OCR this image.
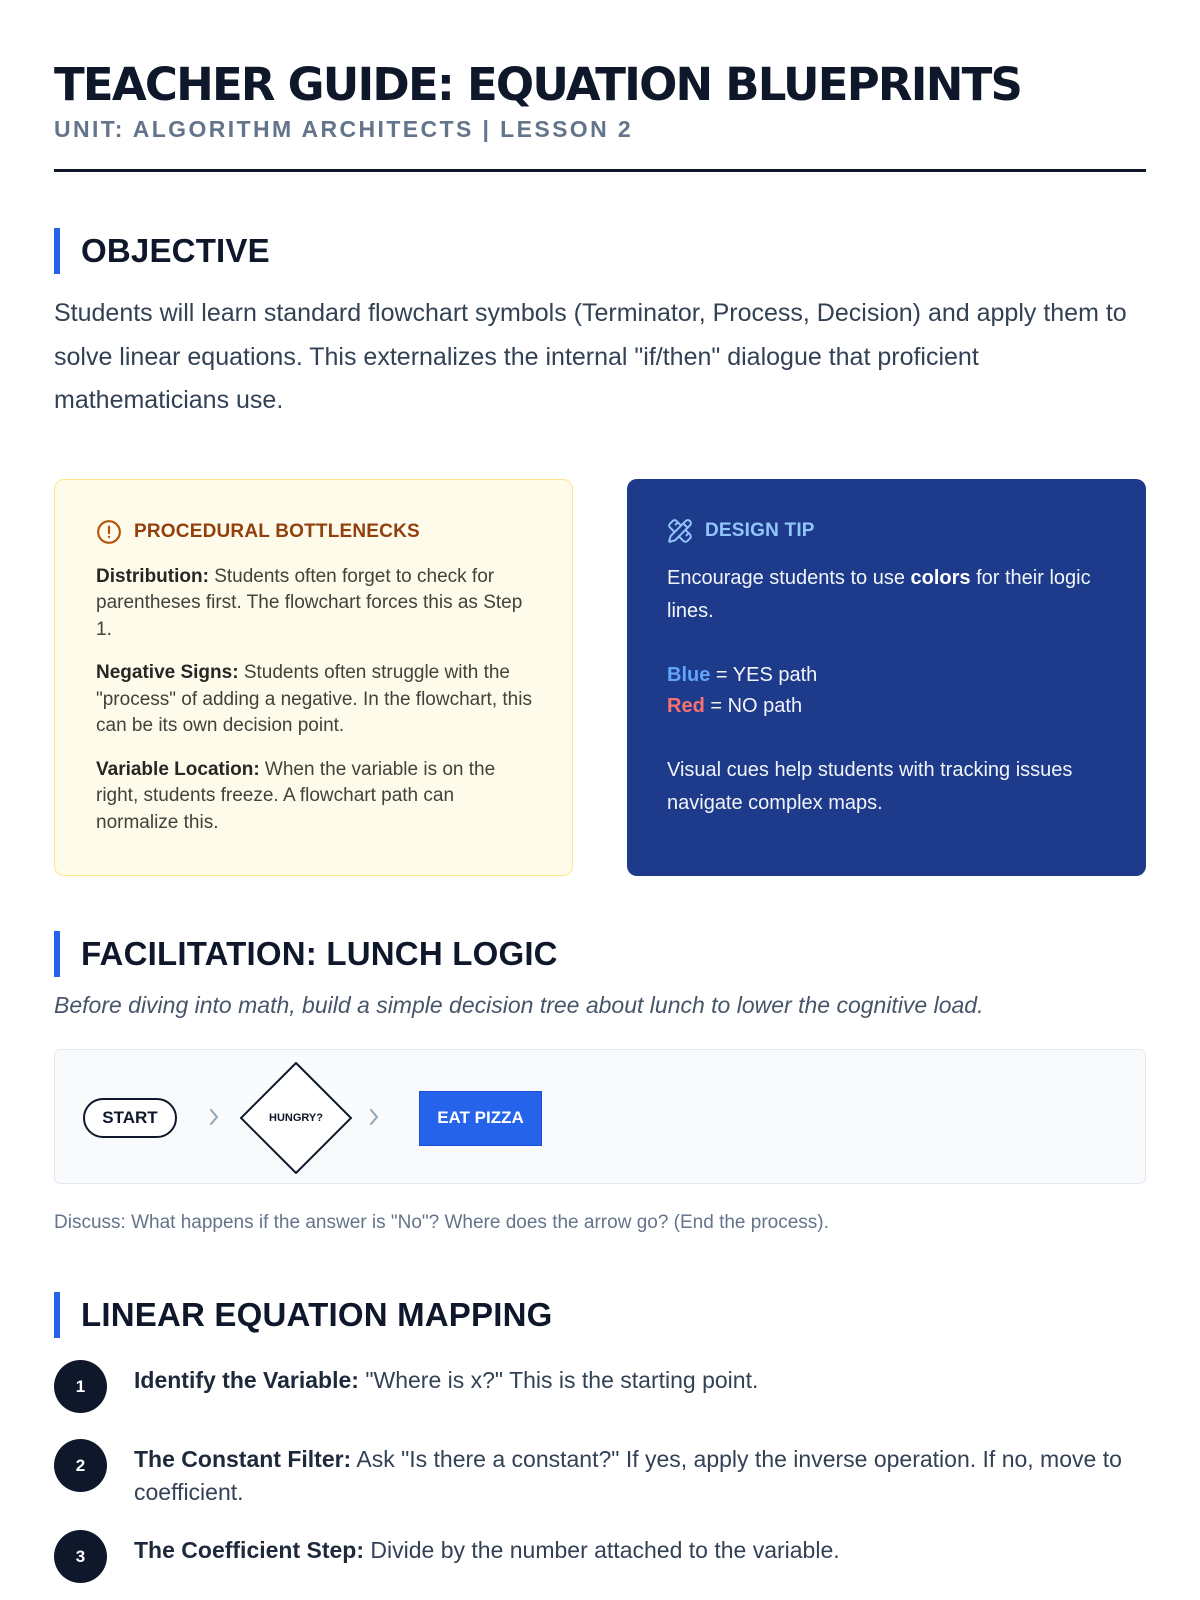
TEACHER GUIDE: EQUATION BLUEPRINTS
UNIT: ALGORITHM ARCHITECTS | LESSON 2
OBJECTIVE

Students will learn standard flowchart symbols (Terminator, Process, Decision) and apply them to solve linear equations. This externalizes the internal "if/then" dialogue that proficient mathematicians use.

PROCEDURAL BOTTLENECKS

Distribution: Students often forget to check for parentheses first. The flowchart forces this as Step 1.

Negative Signs: Students often struggle with the "process" of adding a negative. In the flowchart, this can be its own decision point.

Variable Location: When the variable is on the right, students freeze. A flowchart path can normalize this.

DESIGN TIP

Encourage students to use colors for their logic lines.

Blue = YES path
Red = NO path

Visual cues help students with tracking issues navigate complex maps.

FACILITATION: LUNCH LOGIC

Before diving into math, build a simple decision tree about lunch to lower the cognitive load.

START	HUNGRY?	EAT PIZZA

Discuss: What happens if the answer is "No"? Where does the arrow go? (End the process).

LINEAR EQUATION MAPPING
1	Identify the Variable: "Where is x?" This is the starting point.
2	The Constant Filter: Ask "Is there a constant?" If yes, apply the inverse operation. If no, move to coefficient.
3	The Coefficient Step: Divide by the number attached to the variable.
